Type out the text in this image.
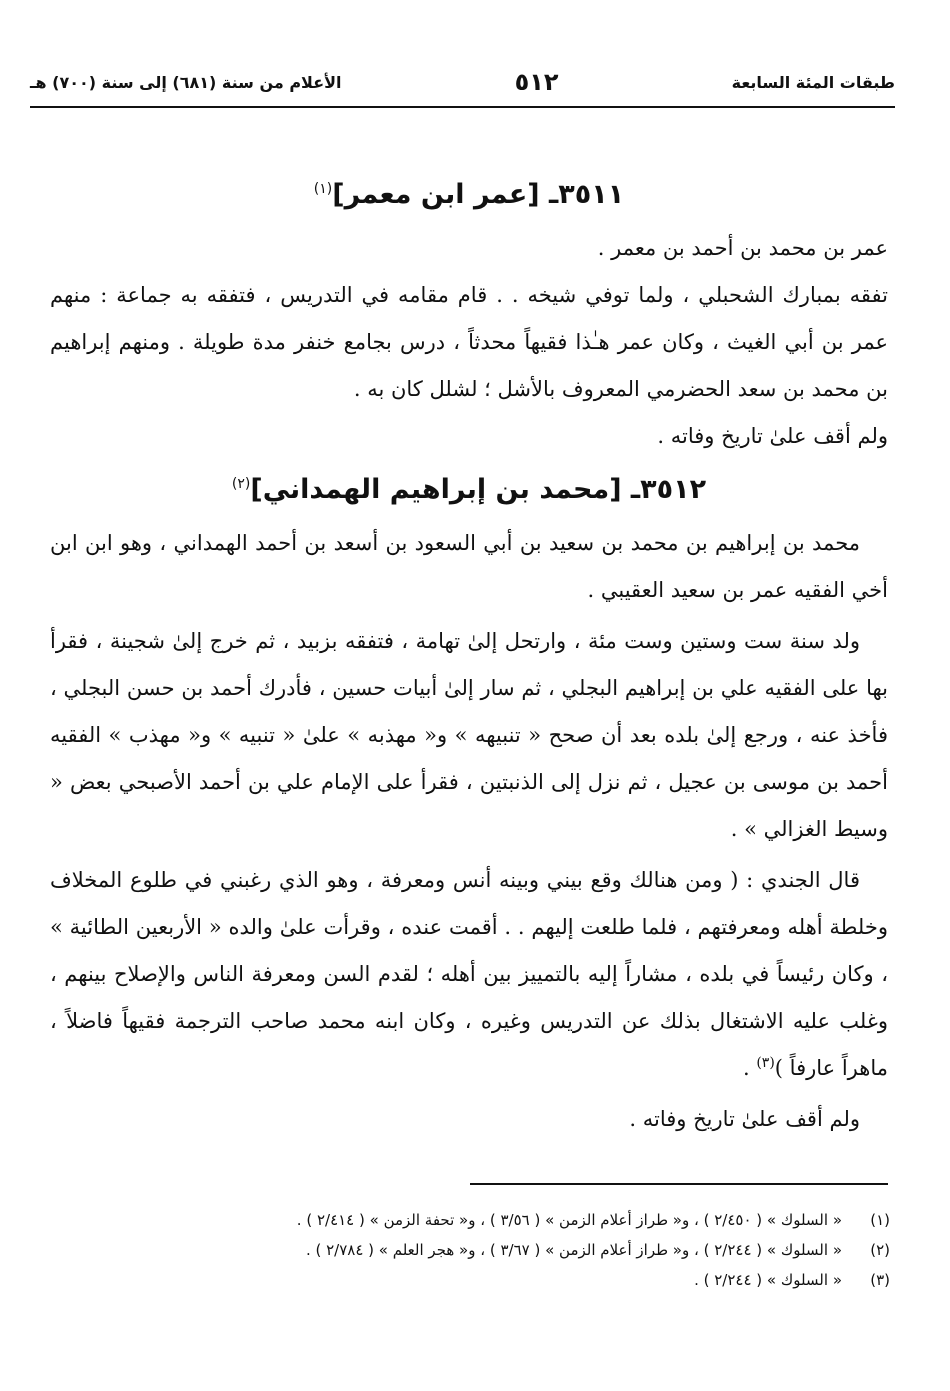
طبقات المئة السابعة
٥١٢
الأعلام من سنة (٦٨١) إلى سنة (٧٠٠) هـ
٣٥١١ـ [عمر ابن معمر]$^{(١)}$

عمر بن محمد بن أحمد بن معمر .

تفقه بمبارك الشحبلي ، ولما توفي شيخه . . قام مقامه في التدريس ، فتفقه به جماعة : منهم عمر بن أبي الغيث ، وكان عمر هـٰذا فقيهاً محدثاً ، درس بجامع خنفر مدة طويلة . ومنهم إبراهيم بن محمد بن سعد الحضرمي المعروف بالأشل ؛ لشلل كان به .

ولم أقف علىٰ تاريخ وفاته .

٣٥١٢ـ [محمد بن إبراهيم الهمداني]$^{(٢)}$

محمد بن إبراهيم بن محمد بن سعيد بن أبي السعود بن أسعد بن أحمد الهمداني ، وهو ابن ابن أخي الفقيه عمر بن سعيد العقيبي .

ولد سنة ست وستين وست مئة ، وارتحل إلىٰ تهامة ، فتفقه بزبيد ، ثم خرج إلىٰ شجينة ، فقرأ بها على الفقيه علي بن إبراهيم البجلي ، ثم سار إلىٰ أبيات حسين ، فأدرك أحمد بن حسن البجلي ، فأخذ عنه ، ورجع إلىٰ بلده بعد أن صحح « تنبيهه » و« مهذبه » علىٰ « تنبيه » و« مهذب » الفقيه أحمد بن موسى بن عجيل ، ثم نزل إلى الذنبتين ، فقرأ على الإمام علي بن أحمد الأصبحي بعض « وسيط الغزالي » .

قال الجندي : ( ومن هنالك وقع بيني وبينه أنس ومعرفة ، وهو الذي رغبني في طلوع المخلاف وخلطة أهله ومعرفتهم ، فلما طلعت إليهم . . أقمت عنده ، وقرأت علىٰ والده « الأربعين الطائية » ، وكان رئيساً في بلده ، مشاراً إليه بالتمييز بين أهله ؛ لقدم السن ومعرفة الناس والإصلاح بينهم ، وغلب عليه الاشتغال بذلك عن التدريس وغيره ، وكان ابنه محمد صاحب الترجمة فقيهاً فاضلاً ، ماهراً عارفاً )$^{(٣)}$ .

ولم أقف علىٰ تاريخ وفاته .

(١)
« السلوك » ( ٢/٤٥٠ ) ، و« طراز أعلام الزمن » ( ٣/٥٦ ) ، و« تحفة الزمن » ( ٢/٤١٤ ) .
(٢)
« السلوك » ( ٢/٢٤٤ ) ، و« طراز أعلام الزمن » ( ٣/٦٧ ) ، و« هجر العلم » ( ٢/٧٨٤ ) .
(٣)
« السلوك » ( ٢/٢٤٤ ) .
